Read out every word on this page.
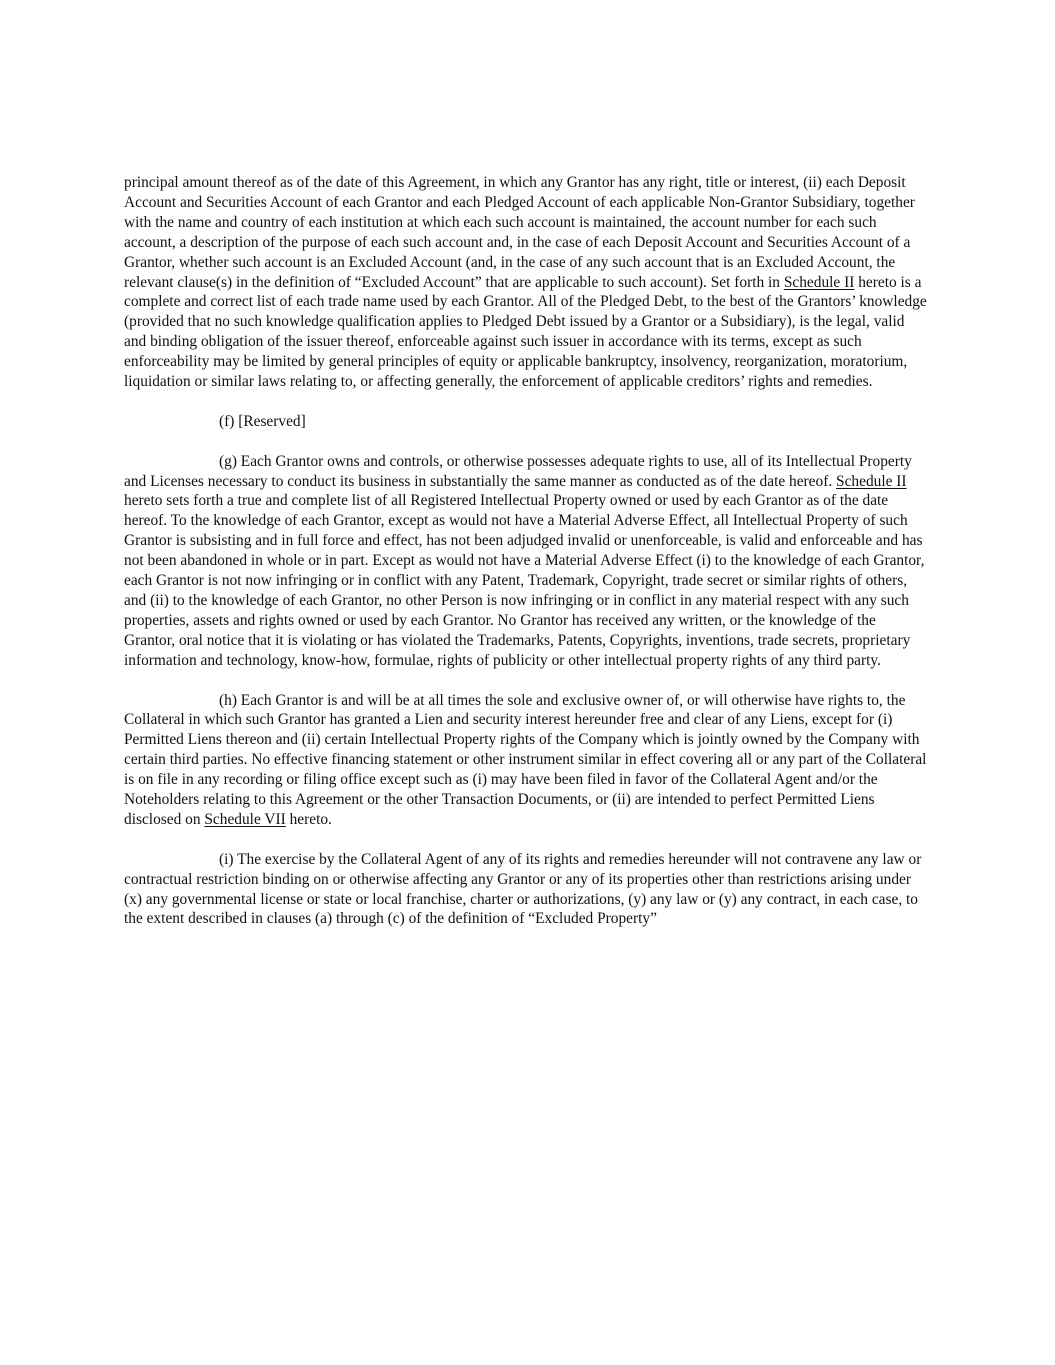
principal amount thereof as of the date of this Agreement, in which any Grantor has any right, title or interest, (ii) each Deposit Account and Securities Account of each Grantor and each Pledged Account of each applicable Non-Grantor Subsidiary, together with the name and country of each institution at which each such account is maintained, the account number for each such account, a description of the purpose of each such account and, in the case of each Deposit Account and Securities Account of a Grantor, whether such account is an Excluded Account (and, in the case of any such account that is an Excluded Account, the relevant clause(s) in the definition of “Excluded Account” that are applicable to such account). Set forth in Schedule II hereto is a complete and correct list of each trade name used by each Grantor. All of the Pledged Debt, to the best of the Grantors’ knowledge (provided that no such knowledge qualification applies to Pledged Debt issued by a Grantor or a Subsidiary), is the legal, valid and binding obligation of the issuer thereof, enforceable against such issuer in accordance with its terms, except as such enforceability may be limited by general principles of equity or applicable bankruptcy, insolvency, reorganization, moratorium, liquidation or similar laws relating to, or affecting generally, the enforcement of applicable creditors’ rights and remedies.

(f) [Reserved]

(g) Each Grantor owns and controls, or otherwise possesses adequate rights to use, all of its Intellectual Property and Licenses necessary to conduct its business in substantially the same manner as conducted as of the date hereof. Schedule II hereto sets forth a true and complete list of all Registered Intellectual Property owned or used by each Grantor as of the date hereof. To the knowledge of each Grantor, except as would not have a Material Adverse Effect, all Intellectual Property of such Grantor is subsisting and in full force and effect, has not been adjudged invalid or unenforceable, is valid and enforceable and has not been abandoned in whole or in part. Except as would not have a Material Adverse Effect (i) to the knowledge of each Grantor, each Grantor is not now infringing or in conflict with any Patent, Trademark, Copyright, trade secret or similar rights of others, and (ii) to the knowledge of each Grantor, no other Person is now infringing or in conflict in any material respect with any such properties, assets and rights owned or used by each Grantor. No Grantor has received any written, or the knowledge of the Grantor, oral notice that it is violating or has violated the Trademarks, Patents, Copyrights, inventions, trade secrets, proprietary information and technology, know-how, formulae, rights of publicity or other intellectual property rights of any third party.

(h) Each Grantor is and will be at all times the sole and exclusive owner of, or will otherwise have rights to, the Collateral in which such Grantor has granted a Lien and security interest hereunder free and clear of any Liens, except for (i) Permitted Liens thereon and (ii) certain Intellectual Property rights of the Company which is jointly owned by the Company with certain third parties. No effective financing statement or other instrument similar in effect covering all or any part of the Collateral is on file in any recording or filing office except such as (i) may have been filed in favor of the Collateral Agent and/or the Noteholders relating to this Agreement or the other Transaction Documents, or (ii) are intended to perfect Permitted Liens disclosed on Schedule VII hereto.

(i) The exercise by the Collateral Agent of any of its rights and remedies hereunder will not contravene any law or contractual restriction binding on or otherwise affecting any Grantor or any of its properties other than restrictions arising under (x) any governmental license or state or local franchise, charter or authorizations, (y) any law or (y) any contract, in each case, to the extent described in clauses (a) through (c) of the definition of “Excluded Property”
